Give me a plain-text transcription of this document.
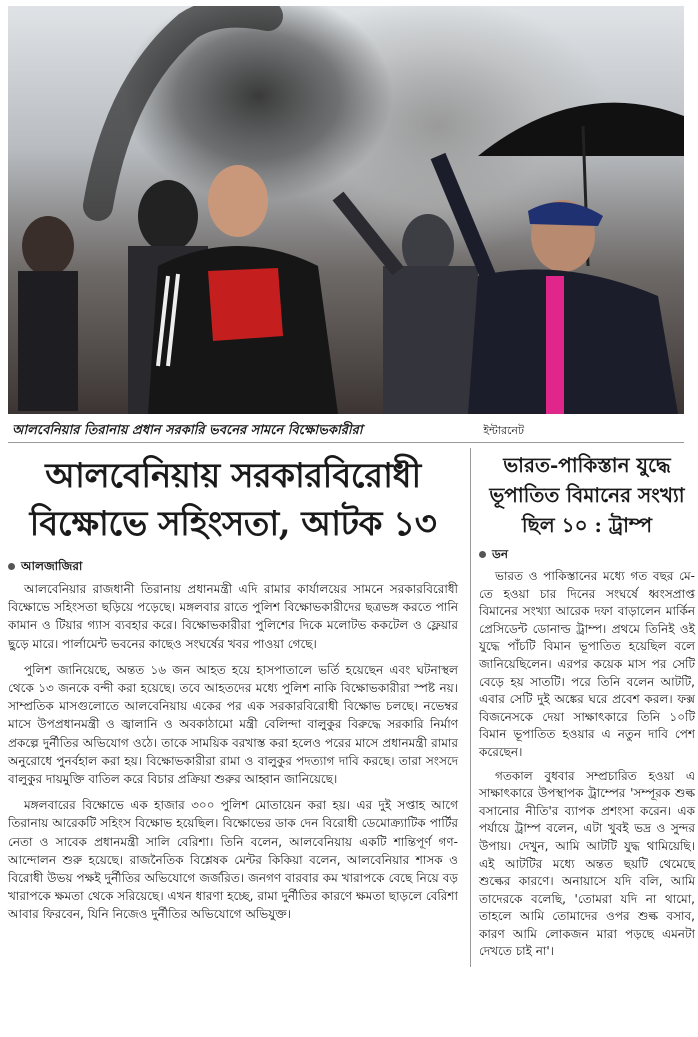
আলবেনিয়ার তিরানায় প্রধান সরকারি ভবনের সামনে বিক্ষোভকারীরা	ইন্টারনেট
আলবেনিয়ায় সরকারবিরোধী বিক্ষোভে সহিংসতা, আটক ১৩
আলজাজিরা

আলবেনিয়ার রাজধানী তিরানায় প্রধানমন্ত্রী এদি রামার কার্যালয়ের সামনে সরকারবিরোধী বিক্ষোভে সহিংসতা ছড়িয়ে পড়েছে। মঙ্গলবার রাতে পুলিশ বিক্ষোভকারীদের ছত্রভঙ্গ করতে পানি কামান ও টিয়ার গ্যাস ব্যবহার করে। বিক্ষোভকারীরা পুলিশের দিকে মলোটভ ককটেল ও ফ্লেয়ার ছুড়ে মারে। পার্লামেন্ট ভবনের কাছেও সংঘর্ষের খবর পাওয়া গেছে।

পুলিশ জানিয়েছে, অন্তত ১৬ জন আহত হয়ে হাসপাতালে ভর্তি হয়েছেন এবং ঘটনাস্থল থেকে ১৩ জনকে বন্দী করা হয়েছে। তবে আহতদের মধ্যে পুলিশ নাকি বিক্ষোভকারীরা স্পষ্ট নয়। সাম্প্রতিক মাসগুলোতে আলবেনিয়ায় একের পর এক সরকারবিরোধী বিক্ষোভ চলছে। নভেম্বর মাসে উপপ্রধানমন্ত্রী ও জ্বালানি ও অবকাঠামো মন্ত্রী বেলিন্দা বালুকুর বিরুদ্ধে সরকারি নির্মাণ প্রকল্পে দুর্নীতির অভিযোগ ওঠে। তাকে সাময়িক বরখাস্ত করা হলেও পরের মাসে প্রধানমন্ত্রী রামার অনুরোধে পুনর্বহাল করা হয়। বিক্ষোভকারীরা রামা ও বালুকুর পদত্যাগ দাবি করছে। তারা সংসদে বালুকুর দায়মুক্তি বাতিল করে বিচার প্রক্রিয়া শুরুর আহ্বান জানিয়েছে।

মঙ্গলবারের বিক্ষোভে এক হাজার ৩০০ পুলিশ মোতায়েন করা হয়। এর দুই সপ্তাহ আগে তিরানায় আরেকটি সহিংস বিক্ষোভ হয়েছিল। বিক্ষোভের ডাক দেন বিরোধী ডেমোক্র্যাটিক পার্টির নেতা ও সাবেক প্রধানমন্ত্রী সালি বেরিশা। তিনি বলেন, আলবেনিয়ায় একটি শান্তিপূর্ণ গণ-আন্দোলন শুরু হয়েছে। রাজনৈতিক বিশ্লেষক মেন্টর কিকিয়া বলেন, আলবেনিয়ার শাসক ও বিরোধী উভয় পক্ষই দুর্নীতির অভিযোগে জর্জরিত। জনগণ বারবার কম খারাপকে বেছে নিয়ে বড় খারাপকে ক্ষমতা থেকে সরিয়েছে। এখন ধারণা হচ্ছে, রামা দুর্নীতির কারণে ক্ষমতা ছাড়লে বেরিশা আবার ফিরবেন, যিনি নিজেও দুর্নীতির অভিযোগে অভিযুক্ত।

ভারত-পাকিস্তান যুদ্ধে ভূপাতিত বিমানের সংখ্যা ছিল ১০ : ট্রাম্প
ডন

ভারত ও পাকিস্তানের মধ্যে গত বছর মে-তে হওয়া চার দিনের সংঘর্ষে ধ্বংসপ্রাপ্ত বিমানের সংখ্যা আরেক দফা বাড়ালেন মার্কিন প্রেসিডেন্ট ডোনাল্ড ট্রাম্প। প্রথমে তিনিই ওই যুদ্ধে পাঁচটি বিমান ভূপাতিত হয়েছিল বলে জানিয়েছিলেন। এরপর কয়েক মাস পর সেটি বেড়ে হয় সাতটি। পরে তিনি বলেন আটটি, এবার সেটি দুই অঙ্কের ঘরে প্রবেশ করল। ফক্স বিজনেসকে দেয়া সাক্ষাৎকারে তিনি ১০টি বিমান ভূপাতিত হওয়ার এ নতুন দাবি পেশ করেছেন।

গতকাল বুধবার সম্প্রচারিত হওয়া এ সাক্ষাৎকারে উপস্থাপক ট্রাম্পের 'সম্পূরক শুল্ক বসানোর নীতি'র ব্যাপক প্রশংসা করেন। এক পর্যায়ে ট্রাম্প বলেন, এটা খুবই ভদ্র ও সুন্দর উপায়। দেখুন, আমি আটটি যুদ্ধ থামিয়েছি। এই আটটির মধ্যে অন্তত ছয়টি থেমেছে শুল্কের কারণে। অনায়াসে যদি বলি, আমি তাদেরকে বলেছি, 'তোমরা যদি না থামো, তাহলে আমি তোমাদের ওপর শুল্ক বসাব, কারণ আমি লোকজন মারা পড়ছে এমনটা দেখতে চাই না'।
